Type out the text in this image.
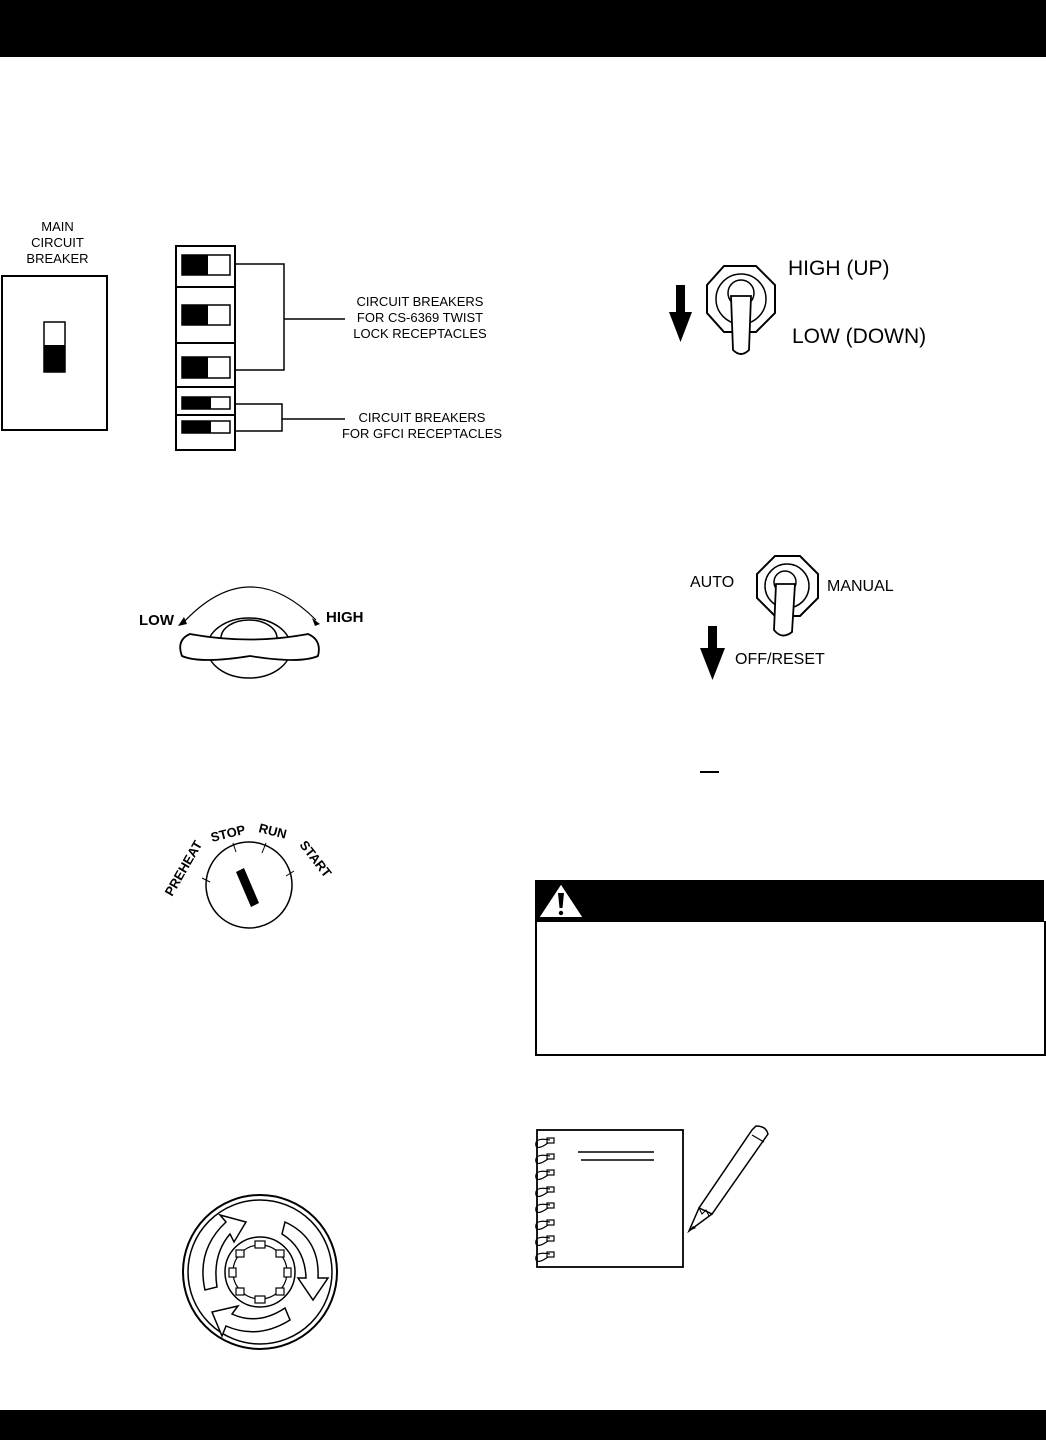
MAIN
CIRCUIT
BREAKER
CIRCUIT BREAKERS
FOR CS-6369 TWIST
LOCK RECEPTACLES
CIRCUIT BREAKERS
FOR GFCI RECEPTACLES
HIGH (UP)
LOW (DOWN)
LOW	HIGH
AUTO	MANUAL
OFF/RESET
PREHEAT
STOP RUN
START
